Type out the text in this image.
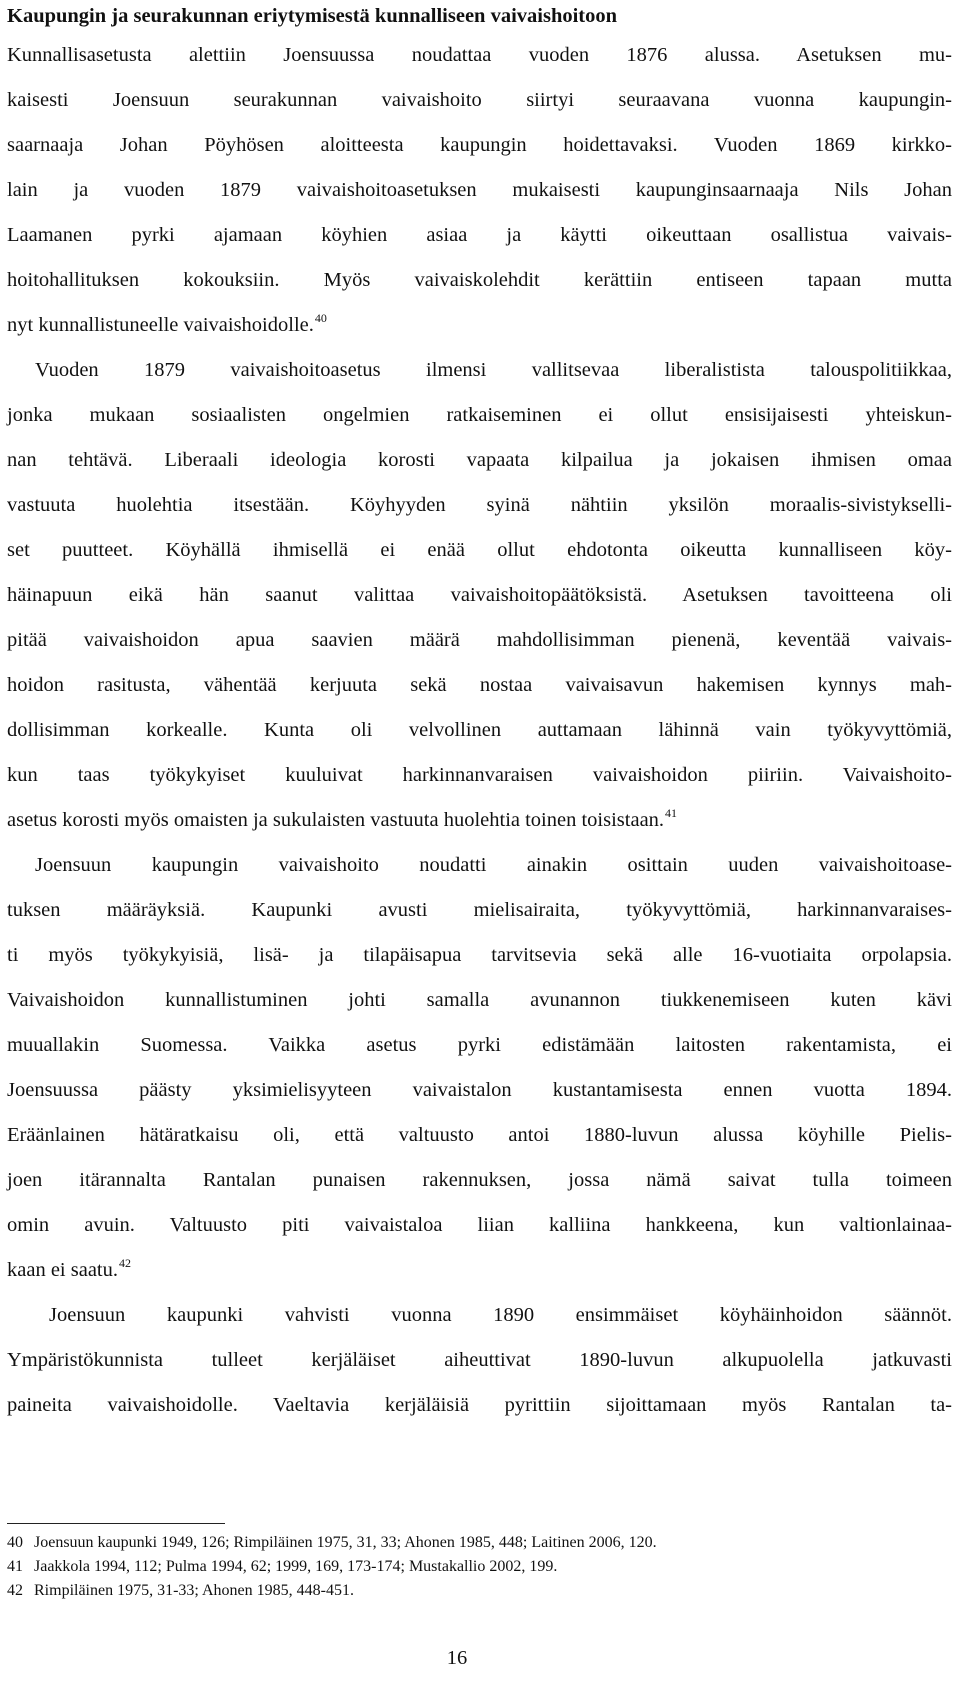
Kaupungin ja seurakunnan eriytymisestä kunnalliseen vaivaishoitoon
Kunnallisasetusta alettiin Joensuussa noudattaa vuoden 1876 alussa. Asetuksen mu-
kaisesti Joensuun seurakunnan vaivaishoito siirtyi seuraavana vuonna kaupungin-
saarnaaja Johan Pöyhösen aloitteesta kaupungin hoidettavaksi. Vuoden 1869 kirkko-
lain ja vuoden 1879 vaivaishoitoasetuksen mukaisesti kaupunginsaarnaaja Nils Johan
Laamanen pyrki ajamaan köyhien asiaa ja käytti oikeuttaan osallistua vaivais-
hoitohallituksen kokouksiin. Myös vaivaiskolehdit kerättiin entiseen tapaan mutta
nyt kunnallistuneelle vaivaishoidolle.$^{40}$
Vuoden 1879 vaivaishoitoasetus ilmensi vallitsevaa liberalistista talouspolitiikkaa,
jonka mukaan sosiaalisten ongelmien ratkaiseminen ei ollut ensisijaisesti yhteiskun-
nan tehtävä. Liberaali ideologia korosti vapaata kilpailua ja jokaisen ihmisen omaa
vastuuta huolehtia itsestään. Köyhyyden syinä nähtiin yksilön moraalis-sivistykselli-
set puutteet. Köyhällä ihmisellä ei enää ollut ehdotonta oikeutta kunnalliseen köy-
häinapuun eikä hän saanut valittaa vaivaishoitopäätöksistä. Asetuksen tavoitteena oli
pitää vaivaishoidon apua saavien määrä mahdollisimman pienenä, keventää vaivais-
hoidon rasitusta, vähentää kerjuuta sekä nostaa vaivaisavun hakemisen kynnys mah-
dollisimman korkealle. Kunta oli velvollinen auttamaan lähinnä vain työkyvyttömiä,
kun taas työkykyiset kuuluivat harkinnanvaraisen vaivaishoidon piiriin. Vaivaishoito-
asetus korosti myös omaisten ja sukulaisten vastuuta huolehtia toinen toisistaan.$^{41}$
Joensuun kaupungin vaivaishoito noudatti ainakin osittain uuden vaivaishoitoase-
tuksen määräyksiä. Kaupunki avusti mielisairaita, työkyvyttömiä, harkinnanvaraises-
ti myös työkykyisiä, lisä- ja tilapäisapua tarvitsevia sekä alle 16-vuotiaita orpolapsia.
Vaivaishoidon kunnallistuminen johti samalla avunannon tiukkenemiseen kuten kävi
muuallakin Suomessa. Vaikka asetus pyrki edistämään laitosten rakentamista, ei
Joensuussa päästy yksimielisyyteen vaivaistalon kustantamisesta ennen vuotta 1894.
Eräänlainen hätäratkaisu oli, että valtuusto antoi 1880-luvun alussa köyhille Pielis-
joen itärannalta Rantalan punaisen rakennuksen, jossa nämä saivat tulla toimeen
omin avuin. Valtuusto piti vaivaistaloa liian kalliina hankkeena, kun valtionlainaa-
kaan ei saatu.$^{42}$
Joensuun kaupunki vahvisti vuonna 1890 ensimmäiset köyhäinhoidon säännöt.
Ympäristökunnista tulleet kerjäläiset aiheuttivat 1890-luvun alkupuolella jatkuvasti
paineita vaivaishoidolle. Vaeltavia kerjäläisiä pyrittiin sijoittamaan myös Rantalan ta-
40 Joensuun kaupunki 1949, 126; Rimpiläinen 1975, 31, 33; Ahonen 1985, 448; Laitinen 2006, 120.
41 Jaakkola 1994, 112; Pulma 1994, 62; 1999, 169, 173-174; Mustakallio 2002, 199.
42 Rimpiläinen 1975, 31-33; Ahonen 1985, 448-451.
16
